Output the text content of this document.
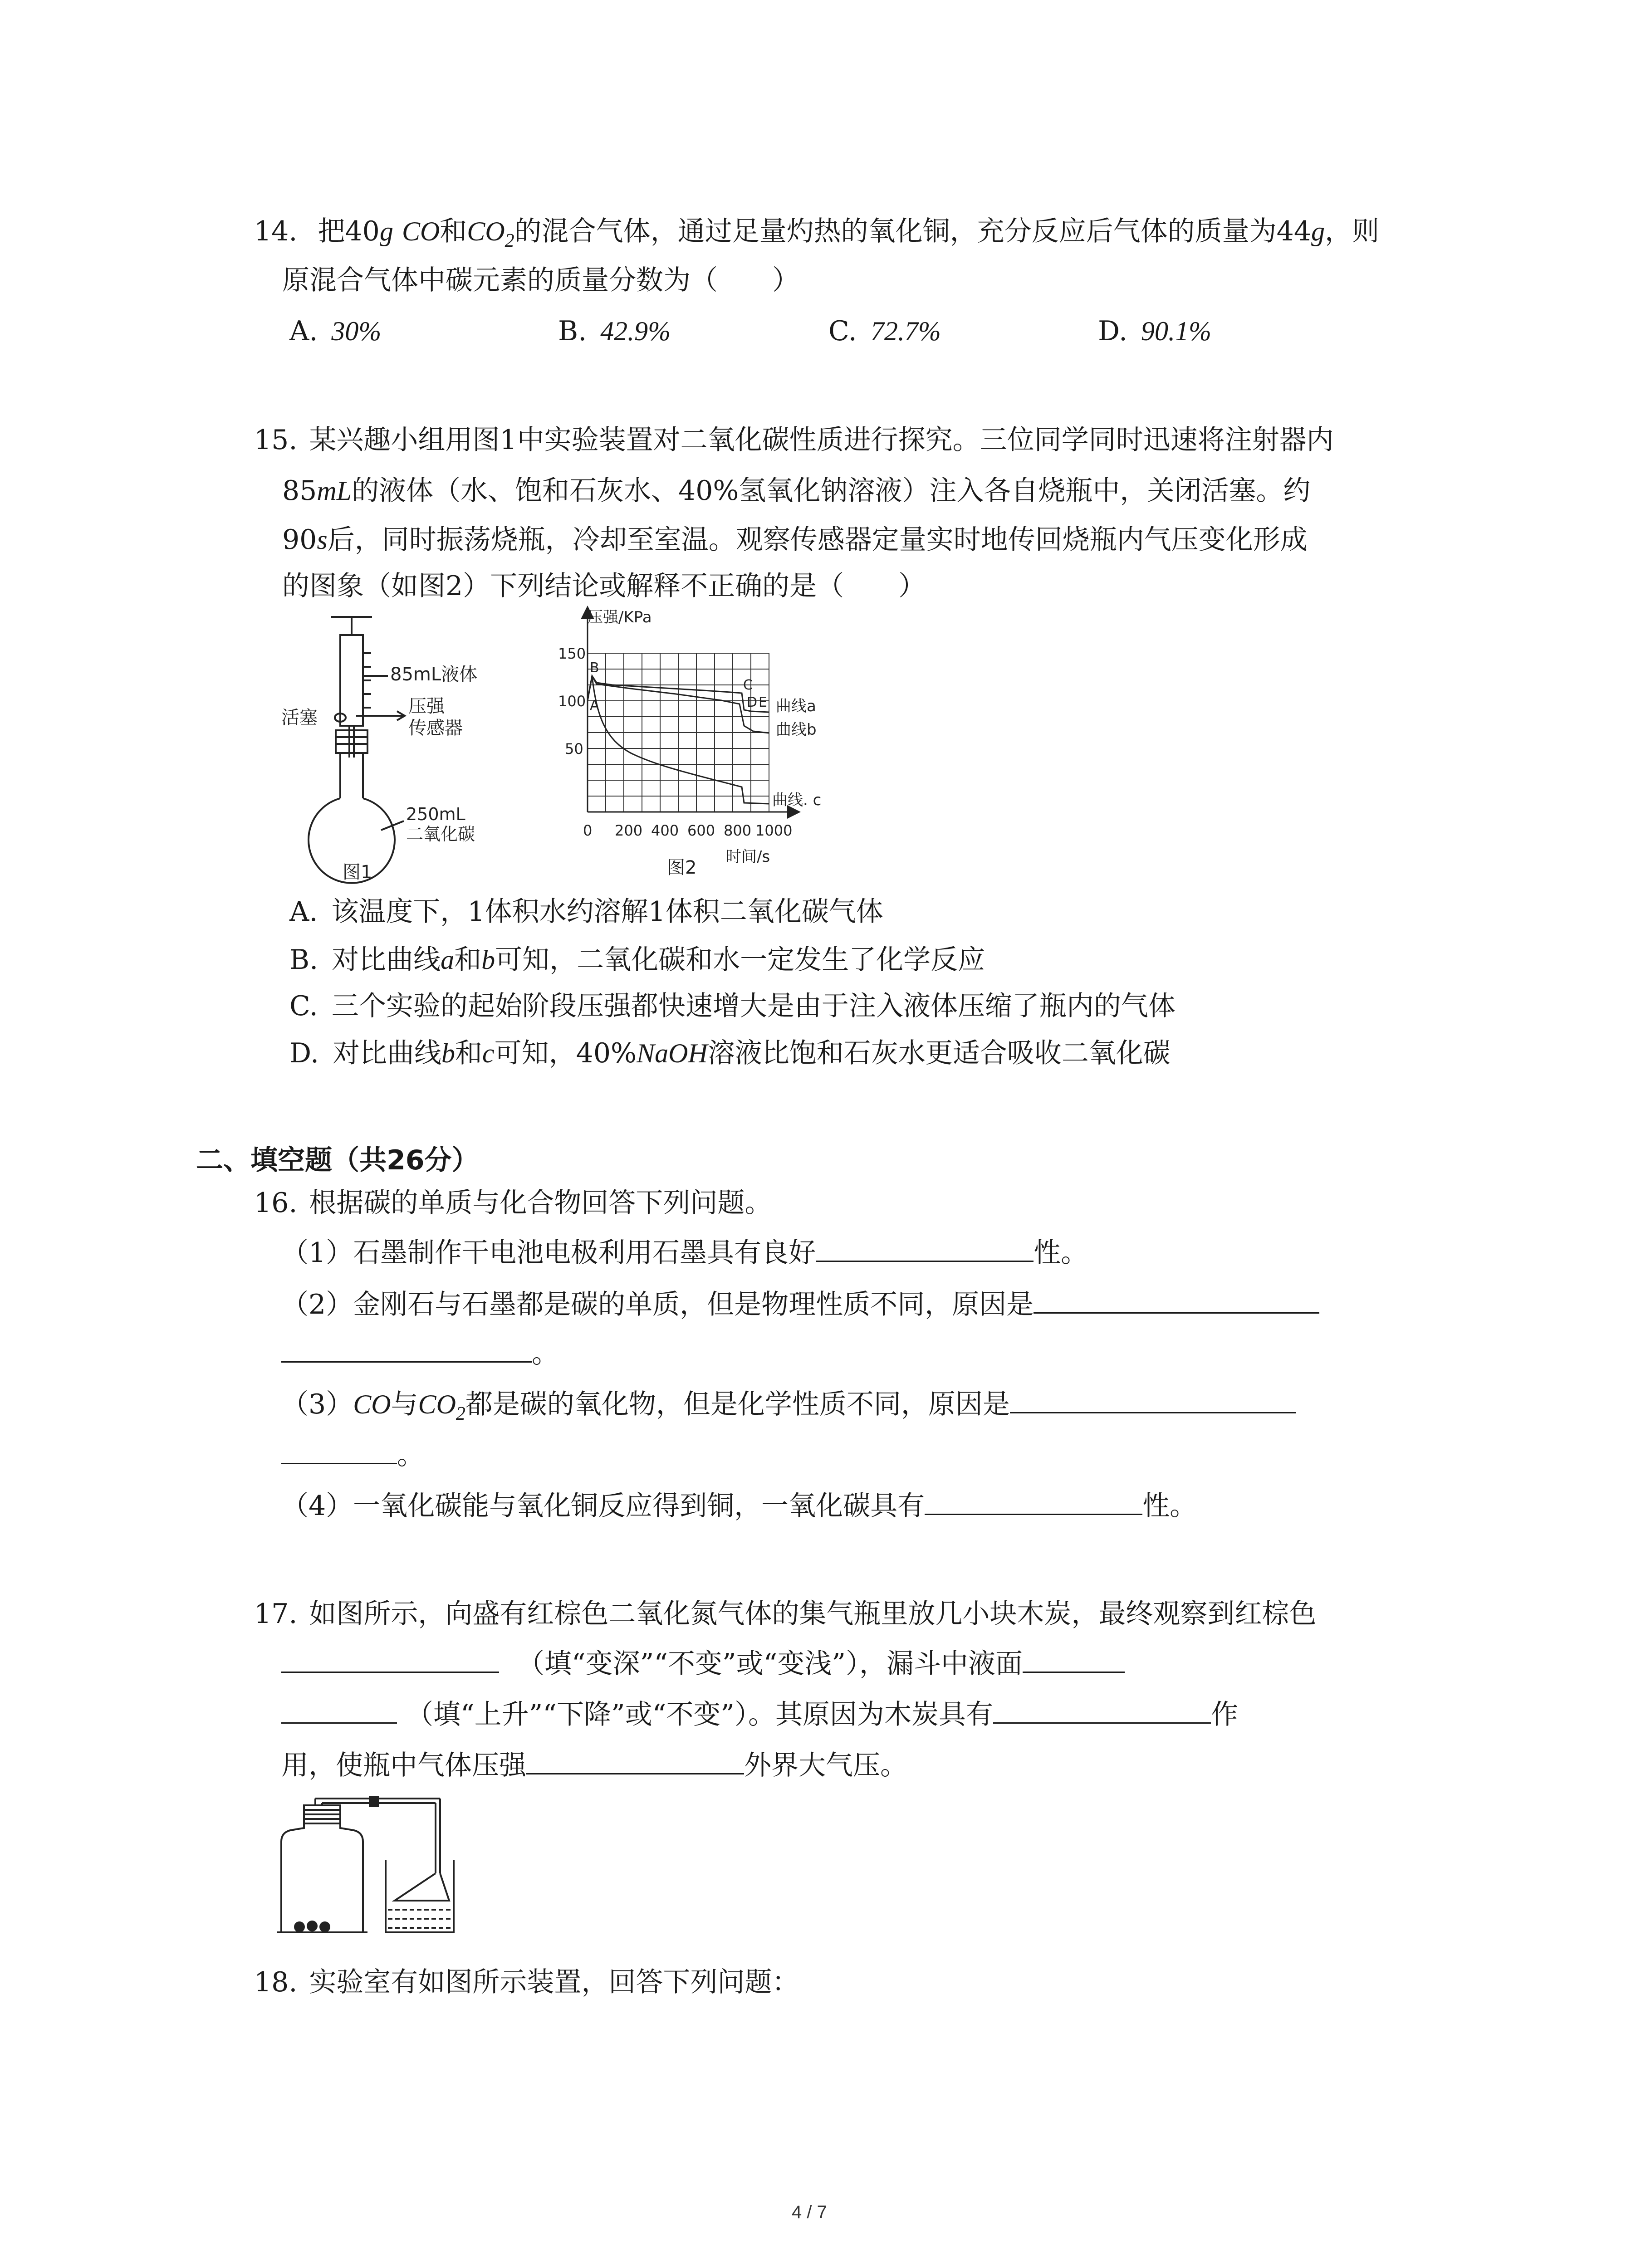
14. 把40g CO和$CO_2$的混合气体，通过足量灼热的氧化铜，充分反应后气体的质量为44g，则
原混合气体中碳元素的质量分数为（　　）
A. 30%	B. 42.9%	C. 72.7%	D. 90.1%
15. 某兴趣小组用图1中实验装置对二氧化碳性质进行探究。三位同学同时迅速将注射器内
85mL的液体（水、饱和石灰水、40%氢氧化钠溶液）注入各自烧瓶中，关闭活塞。约
90s后，同时振荡烧瓶，冷却至室温。观察传感器定量实时地传回烧瓶内气压变化形成
的图象（如图2）下列结论或解释不正确的是（　　）
85mL液体
活塞
压强
传感器
250mL
二氧化碳
图1
压强/KPa
时间/s
150
100
50
0 200 400 600 800 1000
B
A
C
D E 曲线a
曲线b
曲线. c
图2
A. 该温度下，1体积水约溶解1体积二氧化碳气体
B. 对比曲线a和b可知，二氧化碳和水一定发生了化学反应
C. 三个实验的起始阶段压强都快速增大是由于注入液体压缩了瓶内的气体
D. 对比曲线b和c可知，40%NaOH溶液比饱和石灰水更适合吸收二氧化碳
二、填空题（共26分）
16. 根据碳的单质与化合物回答下列问题。
（1）石墨制作干电池电极利用石墨具有良好	性。
（2）金刚石与石墨都是碳的单质，但是物理性质不同，原因是
。
（3）CO与$CO_2$都是碳的氧化物，但是化学性质不同，原因是
。
（4）一氧化碳能与氧化铜反应得到铜，一氧化碳具有	性。
17. 如图所示，向盛有红棕色二氧化氮气体的集气瓶里放几小块木炭，最终观察到红棕色
（填“变深”“不变”或“变浅”），漏斗中液面
（填“上升”“下降”或“不变”）。其原因为木炭具有	作
用，使瓶中气体压强	外界大气压。
18. 实验室有如图所示装置，回答下列问题：
4 / 7
